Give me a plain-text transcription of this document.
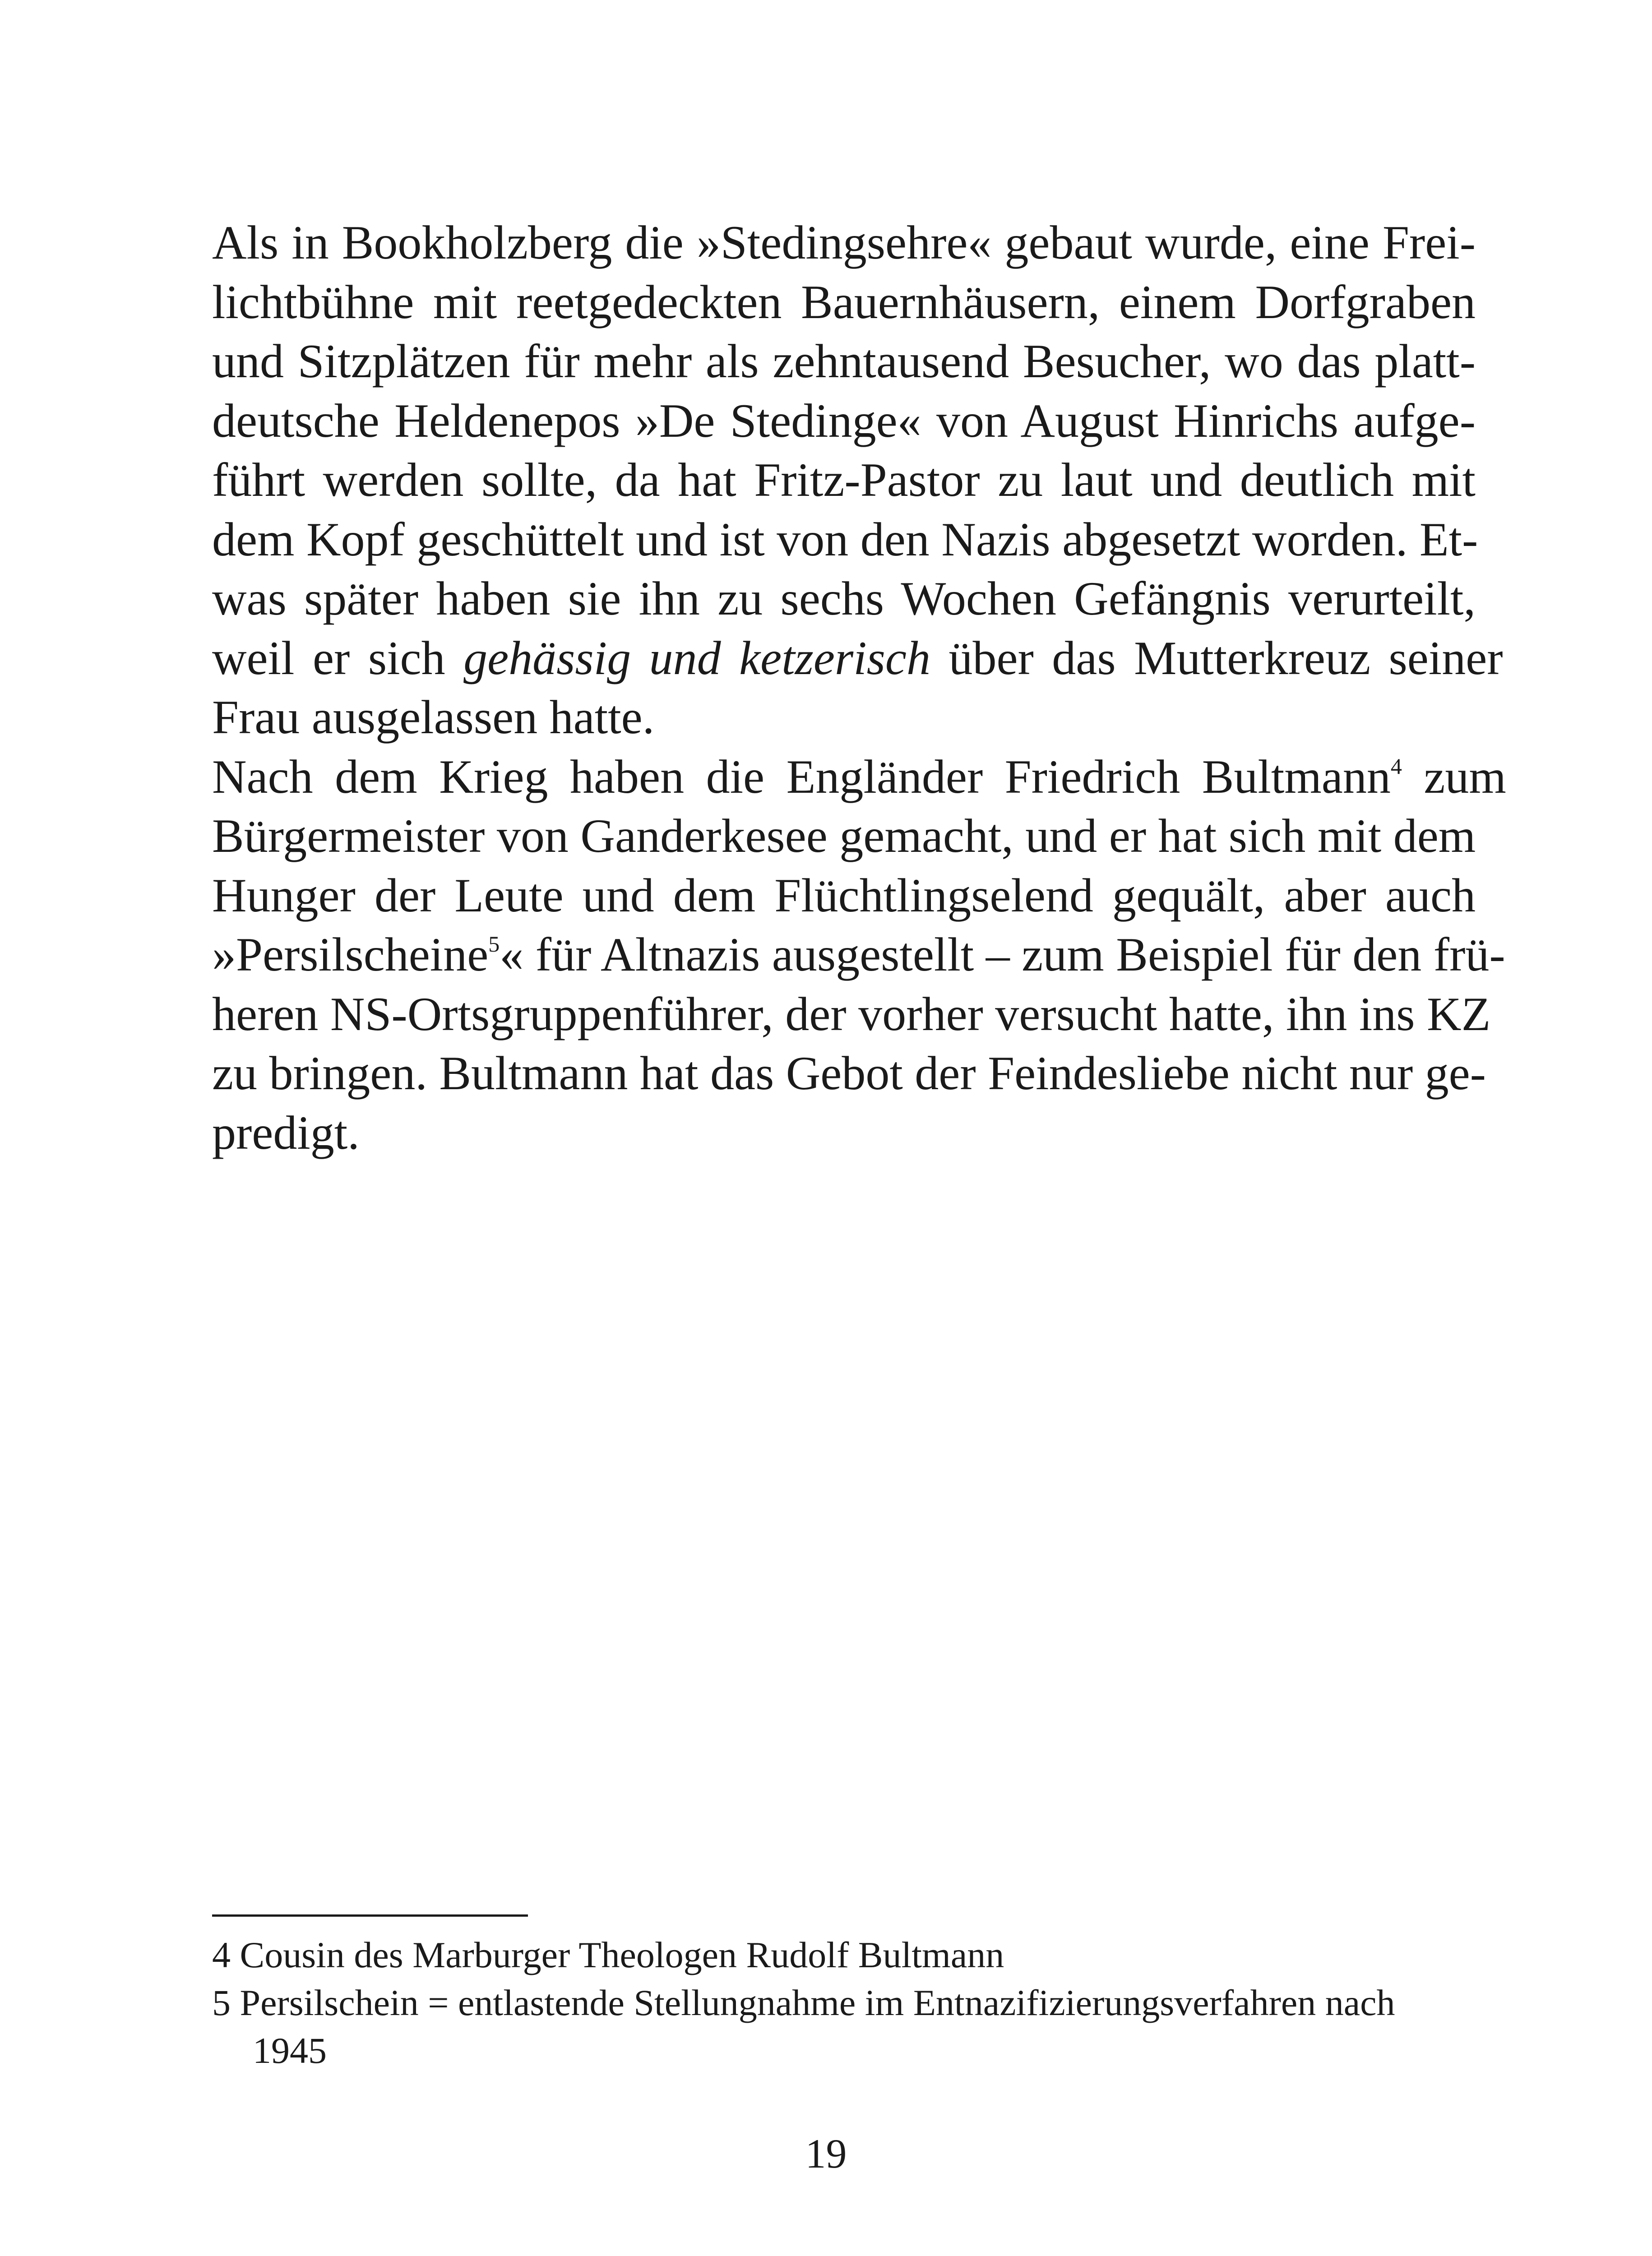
Als in Bookholzberg die »Stedingsehre« gebaut wurde, eine Frei-
lichtbühne mit reetgedeckten Bauernhäusern, einem Dorfgraben
und Sitzplätzen für mehr als zehntausend Besucher, wo das platt-
deutsche Heldenepos »De Stedinge« von August Hinrichs aufge-
führt werden sollte, da hat Fritz-Pastor zu laut und deutlich mit
dem Kopf geschüttelt und ist von den Nazis abgesetzt worden. Et-
was später haben sie ihn zu sechs Wochen Gefängnis verurteilt,
weil er sich gehässig und ketzerisch über das Mutterkreuz seiner
Frau ausgelassen hatte.
Nach dem Krieg haben die Engländer Friedrich Bultmann$^4$ zum
Bürgermeister von Ganderkesee gemacht, und er hat sich mit dem
Hunger der Leute und dem Flüchtlingselend gequält, aber auch
»Persilscheine$^5$« für Altnazis ausgestellt – zum Beispiel für den frü-
heren NS-Ortsgruppenführer, der vorher versucht hatte, ihn ins KZ
zu bringen. Bultmann hat das Gebot der Feindesliebe nicht nur ge-
predigt.
4 Cousin des Marburger Theologen Rudolf Bultmann
5 Persilschein = entlastende Stellungnahme im Entnazifizierungsverfahren nach
1945
19
